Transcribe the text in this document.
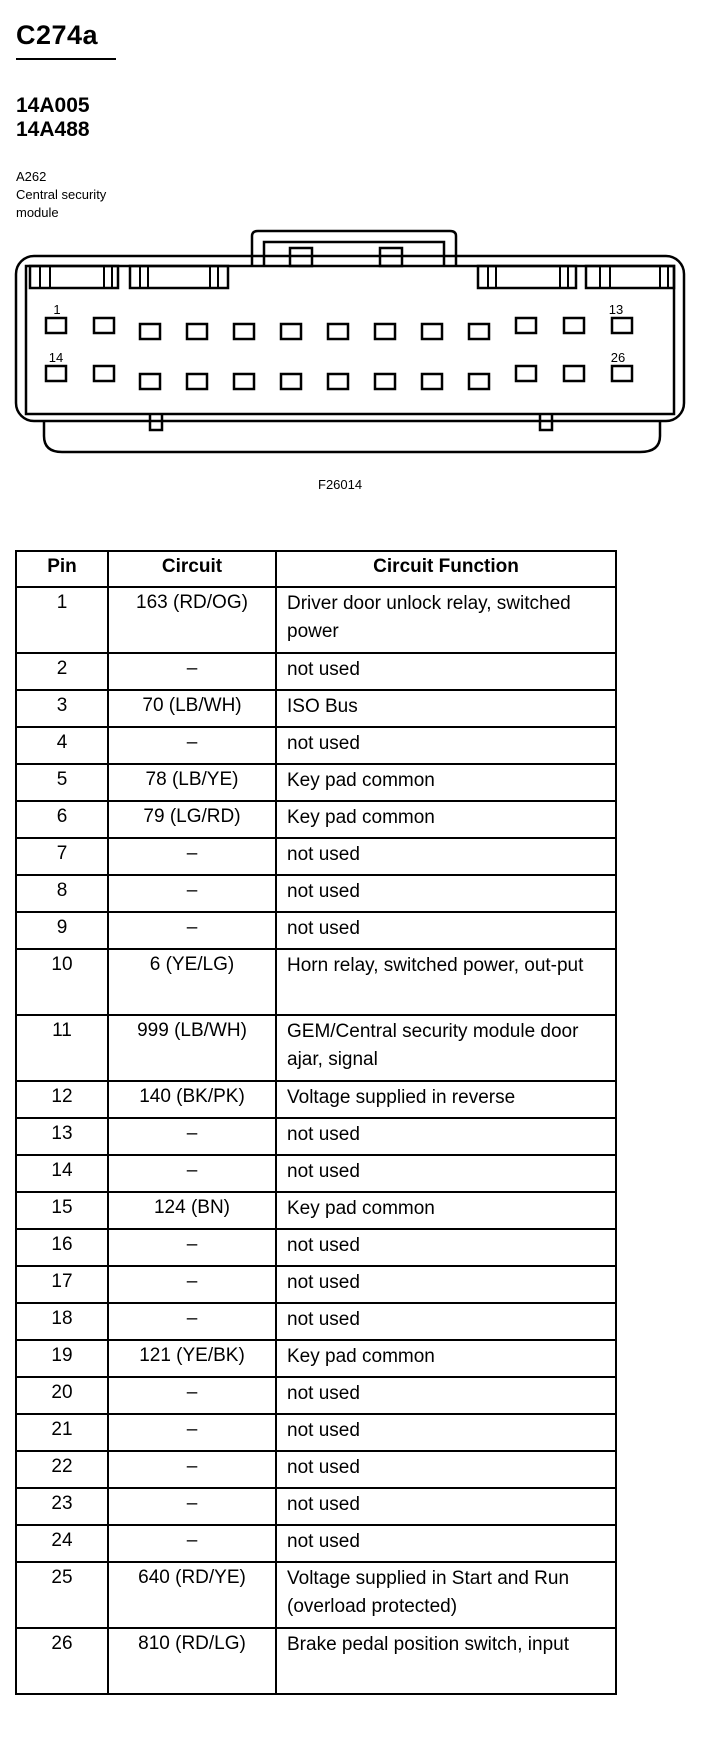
C274a
14A005
14A488
A262
Central security
module
1	13
14	26
F26014
Pin	Circuit	Circuit Function
1	163 (RD/OG)	Driver door unlock relay, switched power
2	–	not used
3	70 (LB/WH)	ISO Bus
4	–	not used
5	78 (LB/YE)	Key pad common
6	79 (LG/RD)	Key pad common
7	–	not used
8	–	not used
9	–	not used
10	6 (YE/LG)	Horn relay, switched power, out-put
11	999 (LB/WH)	GEM/Central security module door ajar, signal
12	140 (BK/PK)	Voltage supplied in reverse
13	–	not used
14	–	not used
15	124 (BN)	Key pad common
16	–	not used
17	–	not used
18	–	not used
19	121 (YE/BK)	Key pad common
20	–	not used
21	–	not used
22	–	not used
23	–	not used
24	–	not used
25	640 (RD/YE)	Voltage supplied in Start and Run (overload protected)
26	810 (RD/LG)	Brake pedal position switch, input
